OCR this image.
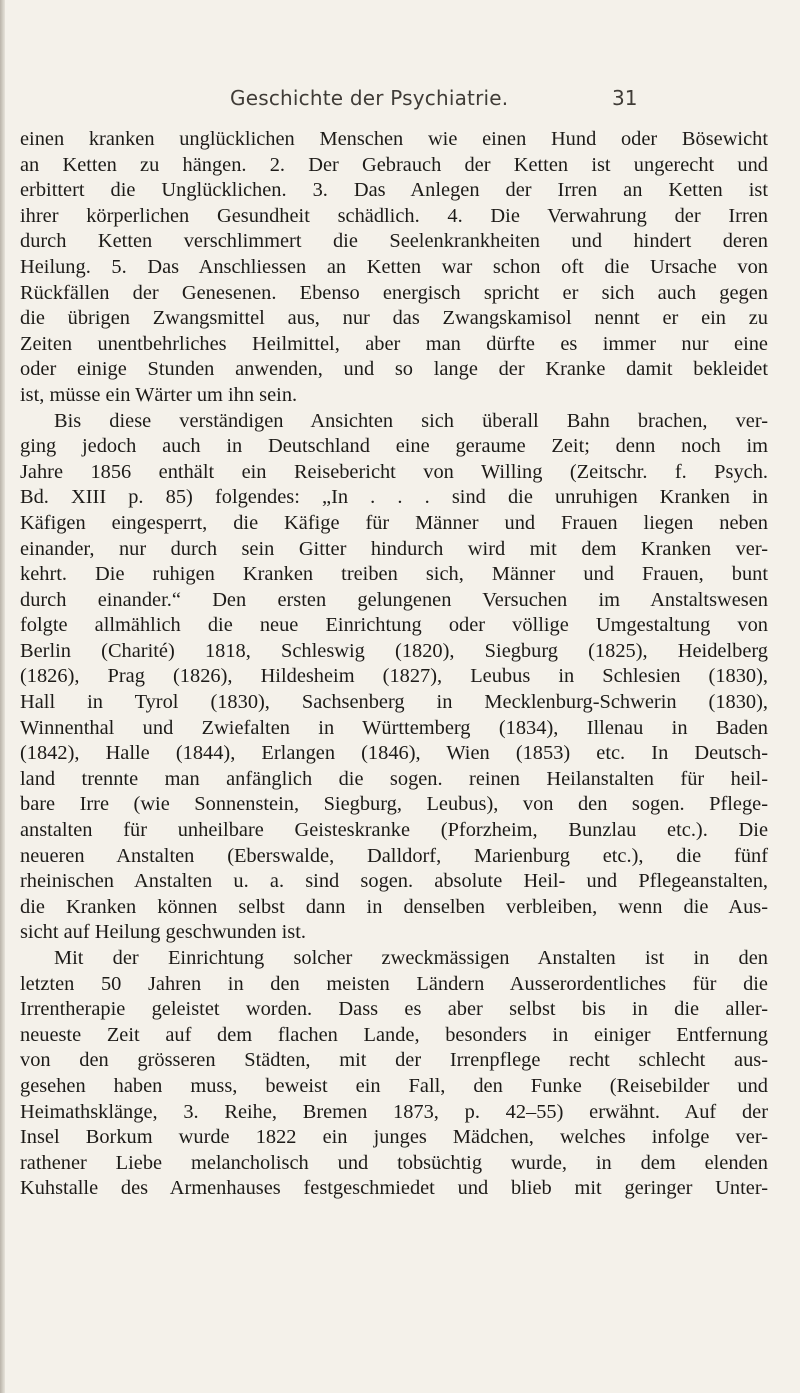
Geschichte der Psychiatrie.	31
einen kranken unglücklichen Menschen wie einen Hund oder Bösewicht
an Ketten zu hängen. 2. Der Gebrauch der Ketten ist ungerecht und
erbittert die Unglücklichen. 3. Das Anlegen der Irren an Ketten ist
ihrer körperlichen Gesundheit schädlich. 4. Die Verwahrung der Irren
durch Ketten verschlimmert die Seelenkrankheiten und hindert deren
Heilung. 5. Das Anschliessen an Ketten war schon oft die Ursache von
Rückfällen der Genesenen. Ebenso energisch spricht er sich auch gegen
die übrigen Zwangsmittel aus, nur das Zwangskamisol nennt er ein zu
Zeiten unentbehrliches Heilmittel, aber man dürfte es immer nur eine
oder einige Stunden anwenden, und so lange der Kranke damit bekleidet
ist, müsse ein Wärter um ihn sein.
Bis diese verständigen Ansichten sich überall Bahn brachen, ver-
ging jedoch auch in Deutschland eine geraume Zeit; denn noch im
Jahre 1856 enthält ein Reisebericht von Willing (Zeitschr. f. Psych.
Bd. XIII p. 85) folgendes: „In . . . sind die unruhigen Kranken in
Käfigen eingesperrt, die Käfige für Männer und Frauen liegen neben
einander, nur durch sein Gitter hindurch wird mit dem Kranken ver-
kehrt. Die ruhigen Kranken treiben sich, Männer und Frauen, bunt
durch einander.“ Den ersten gelungenen Versuchen im Anstaltswesen
folgte allmählich die neue Einrichtung oder völlige Umgestaltung von
Berlin (Charité) 1818, Schleswig (1820), Siegburg (1825), Heidelberg
(1826), Prag (1826), Hildesheim (1827), Leubus in Schlesien (1830),
Hall in Tyrol (1830), Sachsenberg in Mecklenburg-Schwerin (1830),
Winnenthal und Zwiefalten in Württemberg (1834), Illenau in Baden
(1842), Halle (1844), Erlangen (1846), Wien (1853) etc. In Deutsch-
land trennte man anfänglich die sogen. reinen Heilanstalten für heil-
bare Irre (wie Sonnenstein, Siegburg, Leubus), von den sogen. Pflege-
anstalten für unheilbare Geisteskranke (Pforzheim, Bunzlau etc.). Die
neueren Anstalten (Eberswalde, Dalldorf, Marienburg etc.), die fünf
rheinischen Anstalten u. a. sind sogen. absolute Heil- und Pflegeanstalten,
die Kranken können selbst dann in denselben verbleiben, wenn die Aus-
sicht auf Heilung geschwunden ist.
Mit der Einrichtung solcher zweckmässigen Anstalten ist in den
letzten 50 Jahren in den meisten Ländern Ausserordentliches für die
Irrentherapie geleistet worden. Dass es aber selbst bis in die aller-
neueste Zeit auf dem flachen Lande, besonders in einiger Entfernung
von den grösseren Städten, mit der Irrenpflege recht schlecht aus-
gesehen haben muss, beweist ein Fall, den Funke (Reisebilder und
Heimathsklänge, 3. Reihe, Bremen 1873, p. 42–55) erwähnt. Auf der
Insel Borkum wurde 1822 ein junges Mädchen, welches infolge ver-
rathener Liebe melancholisch und tobsüchtig wurde, in dem elenden
Kuhstalle des Armenhauses festgeschmiedet und blieb mit geringer Unter-
